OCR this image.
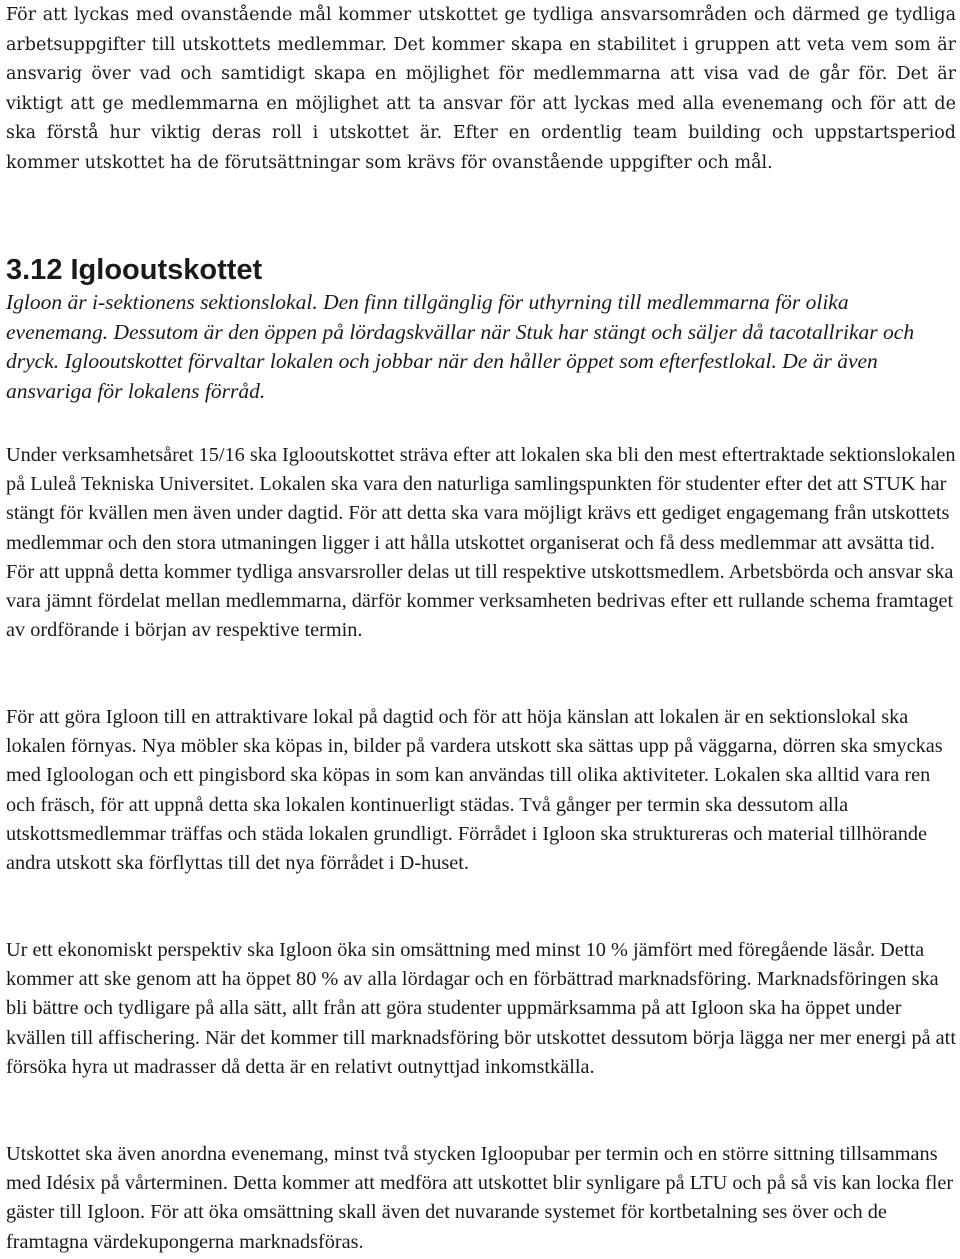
För att lyckas med ovanstående mål kommer utskottet ge tydliga ansvarsområden och därmed ge tydliga arbetsuppgifter till utskottets medlemmar. Det kommer skapa en stabilitet i gruppen att veta vem som är ansvarig över vad och samtidigt skapa en möjlighet för medlemmarna att visa vad de går för. Det är viktigt att ge medlemmarna en möjlighet att ta ansvar för att lyckas med alla evenemang och för att de ska förstå hur viktig deras roll i utskottet är. Efter en ordentlig team building och uppstartsperiod kommer utskottet ha de förutsättningar som krävs för ovanstående uppgifter och mål.

3.12 Iglooutskottet

Igloon är i-sektionens sektionslokal. Den finn tillgänglig för uthyrning till medlemmarna för olika evenemang. Dessutom är den öppen på lördagskvällar när Stuk har stängt och säljer då tacotallrikar och dryck. Iglooutskottet förvaltar lokalen och jobbar när den håller öppet som efterfestlokal. De är även ansvariga för lokalens förråd.

Under verksamhetsåret 15/16 ska Iglooutskottet sträva efter att lokalen ska bli den mest eftertraktade sektionslokalen på Luleå Tekniska Universitet. Lokalen ska vara den naturliga samlingspunkten för studenter efter det att STUK har stängt för kvällen men även under dagtid. För att detta ska vara möjligt krävs ett gediget engagemang från utskottets medlemmar och den stora utmaningen ligger i att hålla utskottet organiserat och få dess medlemmar att avsätta tid. För att uppnå detta kommer tydliga ansvarsroller delas ut till respektive utskottsmedlem. Arbetsbörda och ansvar ska vara jämnt fördelat mellan medlemmarna, därför kommer verksamheten bedrivas efter ett rullande schema framtaget av ordförande i början av respektive termin.

För att göra Igloon till en attraktivare lokal på dagtid och för att höja känslan att lokalen är en sektionslokal ska lokalen förnyas. Nya möbler ska köpas in, bilder på vardera utskott ska sättas upp på väggarna, dörren ska smyckas med Igloologan och ett pingisbord ska köpas in som kan användas till olika aktiviteter. Lokalen ska alltid vara ren och fräsch, för att uppnå detta ska lokalen kontinuerligt städas. Två gånger per termin ska dessutom alla utskottsmedlemmar träffas och städa lokalen grundligt. Förrådet i Igloon ska struktureras och material tillhörande andra utskott ska förflyttas till det nya förrådet i D-huset.

Ur ett ekonomiskt perspektiv ska Igloon öka sin omsättning med minst 10 % jämfört med föregående läsår. Detta kommer att ske genom att ha öppet 80 % av alla lördagar och en förbättrad marknadsföring. Marknadsföringen ska bli bättre och tydligare på alla sätt, allt från att göra studenter uppmärksamma på att Igloon ska ha öppet under kvällen till affischering. När det kommer till marknadsföring bör utskottet dessutom börja lägga ner mer energi på att försöka hyra ut madrasser då detta är en relativt outnyttjad inkomstkälla.

Utskottet ska även anordna evenemang, minst två stycken Igloopubar per termin och en större sittning tillsammans med Idésix på vårterminen. Detta kommer att medföra att utskottet blir synligare på LTU och på så vis kan locka fler gäster till Igloon. För att öka omsättning skall även det nuvarande systemet för kortbetalning ses över och de framtagna värdekupongerna marknadsföras.
